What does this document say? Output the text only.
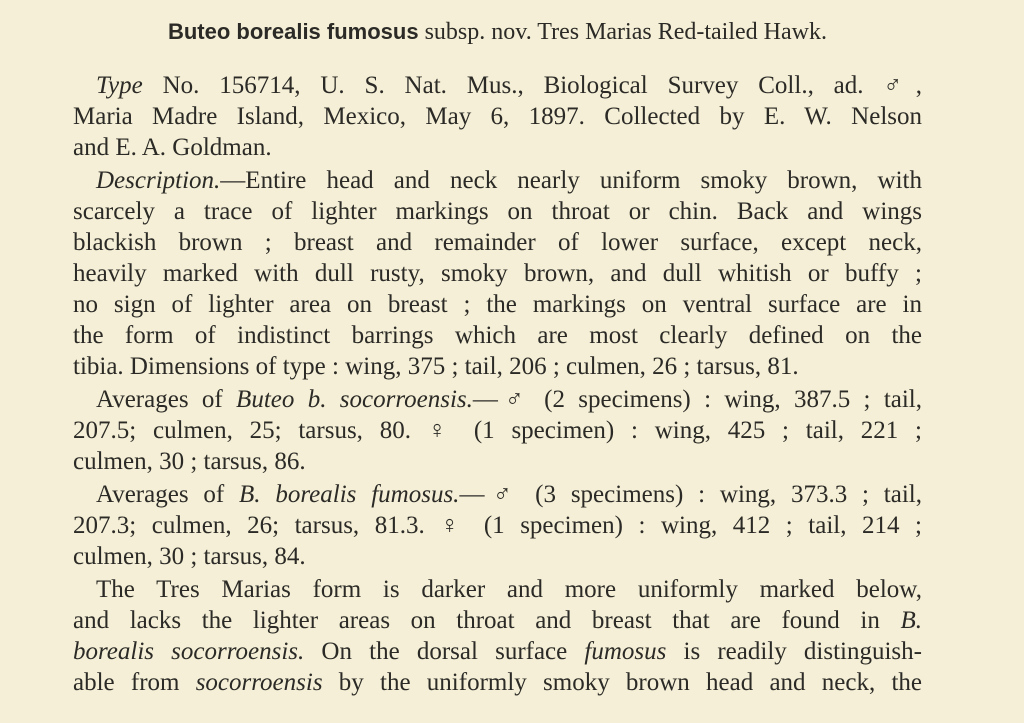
Buteo borealis fumosus subsp. nov. Tres Marias Red-tailed Hawk.
Type No. 156714, U. S. Nat. Mus., Biological Survey Coll., ad. ♂,
Maria Madre Island, Mexico, May 6, 1897. Collected by E. W. Nelson
and E. A. Goldman.
Description.—Entire head and neck nearly uniform smoky brown, with
scarcely a trace of lighter markings on throat or chin. Back and wings
blackish brown ; breast and remainder of lower surface, except neck,
heavily marked with dull rusty, smoky brown, and dull whitish or buffy ;
no sign of lighter area on breast ; the markings on ventral surface are in
the form of indistinct barrings which are most clearly defined on the
tibia. Dimensions of type : wing, 375 ; tail, 206 ; culmen, 26 ; tarsus, 81.
Averages of Buteo b. socorroensis.—♂ (2 specimens) : wing, 387.5 ; tail,
207.5; culmen, 25; tarsus, 80. ♀ (1 specimen) : wing, 425 ; tail, 221 ;
culmen, 30 ; tarsus, 86.
Averages of B. borealis fumosus.—♂ (3 specimens) : wing, 373.3 ; tail,
207.3; culmen, 26; tarsus, 81.3. ♀ (1 specimen) : wing, 412 ; tail, 214 ;
culmen, 30 ; tarsus, 84.
The Tres Marias form is darker and more uniformly marked below,
and lacks the lighter areas on throat and breast that are found in B.
borealis socorroensis. On the dorsal surface fumosus is readily distinguish-
able from socorroensis by the uniformly smoky brown head and neck, the
